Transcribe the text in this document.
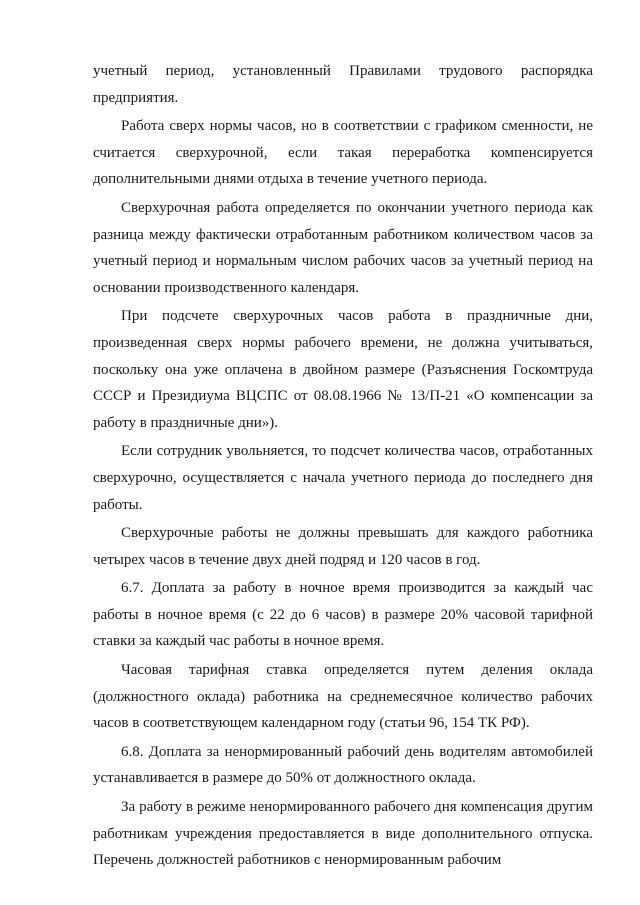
учетный период, установленный Правилами трудового распорядка предприятия.

Работа сверх нормы часов, но в соответствии с графиком сменности, не считается сверхурочной, если такая переработка компенсируется дополнительными днями отдыха в течение учетного периода.

Сверхурочная работа определяется по окончании учетного периода как разница между фактически отработанным работником количеством часов за учетный период и нормальным числом рабочих часов за учетный период на основании производственного календаря.

При подсчете сверхурочных часов работа в праздничные дни, произведенная сверх нормы рабочего времени, не должна учитываться, поскольку она уже оплачена в двойном размере (Разъяснения Госкомтруда СССР и Президиума ВЦСПС от 08.08.1966 № 13/П-21 «О компенсации за работу в праздничные дни»).

Если сотрудник увольняется, то подсчет количества часов, отработанных сверхурочно, осуществляется с начала учетного периода до последнего дня работы.

Сверхурочные работы не должны превышать для каждого работника четырех часов в течение двух дней подряд и 120 часов в год.

6.7. Доплата за работу в ночное время производится за каждый час работы в ночное время (с 22 до 6 часов) в размере 20% часовой тарифной ставки за каждый час работы в ночное время.

Часовая тарифная ставка определяется путем деления оклада (должностного оклада) работника на среднемесячное количество рабочих часов в соответствующем календарном году (статьи 96, 154 ТК РФ).

6.8. Доплата за ненормированный рабочий день водителям автомобилей устанавливается в размере до 50% от должностного оклада.

За работу в режиме ненормированного рабочего дня компенсация другим работникам учреждения предоставляется в виде дополнительного отпуска. Перечень должностей работников с ненормированным рабочим
